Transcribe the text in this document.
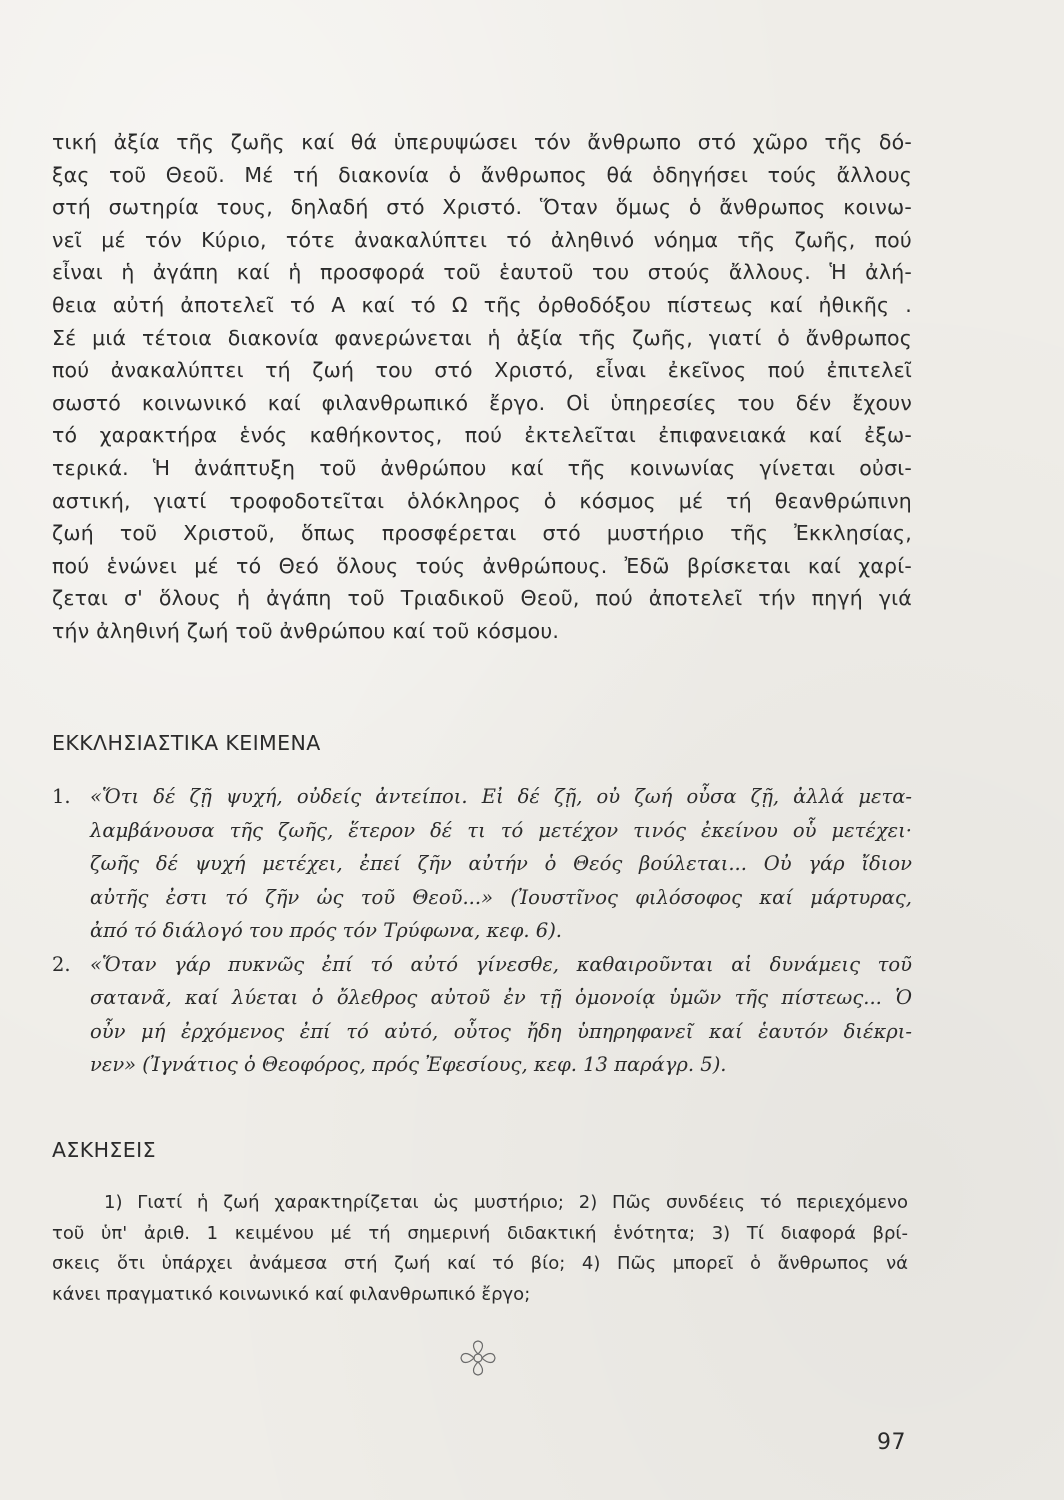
τική ἀξία τῆς ζωῆς καί θά ὑπερυψώσει τόν ἄνθρωπο στό χῶρο τῆς δό-
ξας τοῦ Θεοῦ. Μέ τή διακονία ὁ ἄνθρωπος θά ὁδηγήσει τούς ἄλλους
στή σωτηρία τους, δηλαδή στό Χριστό. Ὅταν ὅμως ὁ ἄνθρωπος κοινω-
νεῖ μέ τόν Κύριο, τότε ἀνακαλύπτει τό ἀληθινό νόημα τῆς ζωῆς, πού
εἶναι ἡ ἀγάπη καί ἡ προσφορά τοῦ ἑαυτοῦ του στούς ἄλλους. Ἡ ἀλή-
θεια αὐτή ἀποτελεῖ τό Α καί τό Ω τῆς ὀρθοδόξου πίστεως καί ἠθικῆς .
Σέ μιά τέτοια διακονία φανερώνεται ἡ ἀξία τῆς ζωῆς, γιατί ὁ ἄνθρωπος
πού ἀνακαλύπτει τή ζωή του στό Χριστό, εἶναι ἐκεῖνος πού ἐπιτελεῖ
σωστό κοινωνικό καί φιλανθρωπικό ἔργο. Οἱ ὑπηρεσίες του δέν ἔχουν
τό χαρακτήρα ἑνός καθήκοντος, πού ἐκτελεῖται ἐπιφανειακά καί ἐξω-
τερικά. Ἡ ἀνάπτυξη τοῦ ἀνθρώπου καί τῆς κοινωνίας γίνεται οὐσι-
αστική, γιατί τροφοδοτεῖται ὁλόκληρος ὁ κόσμος μέ τή θεανθρώπινη
ζωή τοῦ Χριστοῦ, ὅπως προσφέρεται στό μυστήριο τῆς Ἐκκλησίας,
πού ἑνώνει μέ τό Θεό ὅλους τούς ἀνθρώπους. Ἐδῶ βρίσκεται καί χαρί-
ζεται σ' ὅλους ἡ ἀγάπη τοῦ Τριαδικοῦ Θεοῦ, πού ἀποτελεῖ τήν πηγή γιά
τήν ἀληθινή ζωή τοῦ ἀνθρώπου καί τοῦ κόσμου.
ΕΚΚΛΗΣΙΑΣΤΙΚΑ ΚΕΙΜΕΝΑ
1. «Ὅτι δέ ζῇ ψυχή, οὐδείς ἀντείποι. Εἰ δέ ζῇ, οὐ ζωή οὖσα ζῇ, ἀλλά μετα-
λαμβάνουσα τῆς ζωῆς, ἕτερον δέ τι τό μετέχον τινός ἐκείνου οὗ μετέχει·
ζωῆς δέ ψυχή μετέχει, ἐπεί ζῆν αὐτήν ὁ Θεός βούλεται... Οὐ γάρ ἴδιον
αὐτῆς ἐστι τό ζῆν ὡς τοῦ Θεοῦ...» (Ἰουστῖνος φιλόσοφος καί μάρτυρας,
ἀπό τό διάλογό του πρός τόν Τρύφωνα, κεφ. 6).
2. «Ὅταν γάρ πυκνῶς ἐπί τό αὐτό γίνεσθε, καθαιροῦνται αἱ δυνάμεις τοῦ
σατανᾶ, καί λύεται ὁ ὄλεθρος αὐτοῦ ἐν τῇ ὁμονοίᾳ ὑμῶν τῆς πίστεως... Ὁ
οὖν μή ἐρχόμενος ἐπί τό αὐτό, οὗτος ἤδη ὑπηρηφανεῖ καί ἑαυτόν διέκρι-
νεν» (Ἰγνάτιος ὁ Θεοφόρος, πρός Ἐφεσίους, κεφ. 13 παράγρ. 5).
ΑΣΚΗΣΕΙΣ
1) Γιατί ἡ ζωή χαρακτηρίζεται ὡς μυστήριο; 2) Πῶς συνδέεις τό περιεχόμενο
τοῦ ὑπ' ἀριθ. 1 κειμένου μέ τή σημερινή διδακτική ἑνότητα; 3) Τί διαφορά βρί-
σκεις ὅτι ὑπάρχει ἀνάμεσα στή ζωή καί τό βίο; 4) Πῶς μπορεῖ ὁ ἄνθρωπος νά
κάνει πραγματικό κοινωνικό καί φιλανθρωπικό ἔργο;

97
